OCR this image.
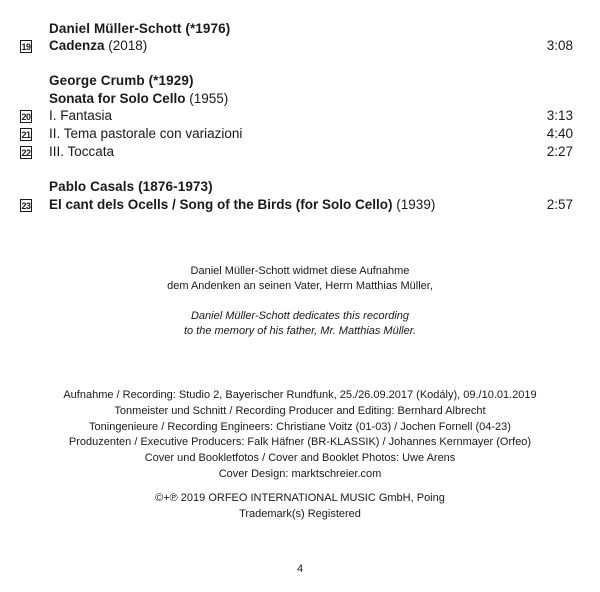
Daniel Müller-Schott (*1976)
19 Cadenza (2018)	3:08
George Crumb (*1929)
Sonata for Solo Cello (1955)
20 I. Fantasia	3:13
21 II. Tema pastorale con variazioni	4:40
22 III. Toccata	2:27
Pablo Casals (1876-1973)
23 El cant dels Ocells / Song of the Birds (for Solo Cello) (1939)	2:57
Daniel Müller-Schott widmet diese Aufnahme
dem Andenken an seinen Vater, Herrn Matthias Müller,
Daniel Müller-Schott dedicates this recording
to the memory of his father, Mr. Matthias Müller.
Aufnahme / Recording: Studio 2, Bayerischer Rundfunk, 25./26.09.2017 (Kodály), 09./10.01.2019
Tonmeister und Schnitt / Recording Producer and Editing: Bernhard Albrecht
Toningenieure / Recording Engineers: Christiane Voitz (01-03) / Jochen Fornell (04-23)
Produzenten / Executive Producers: Falk Häfner (BR-KLASSIK) / Johannes Kernmayer (Orfeo)
Cover und Bookletfotos / Cover and Booklet Photos: Uwe Arens
Cover Design: marktschreier.com
©+℗ 2019 ORFEO INTERNATIONAL MUSIC GmbH, Poing
Trademark(s) Registered
4
